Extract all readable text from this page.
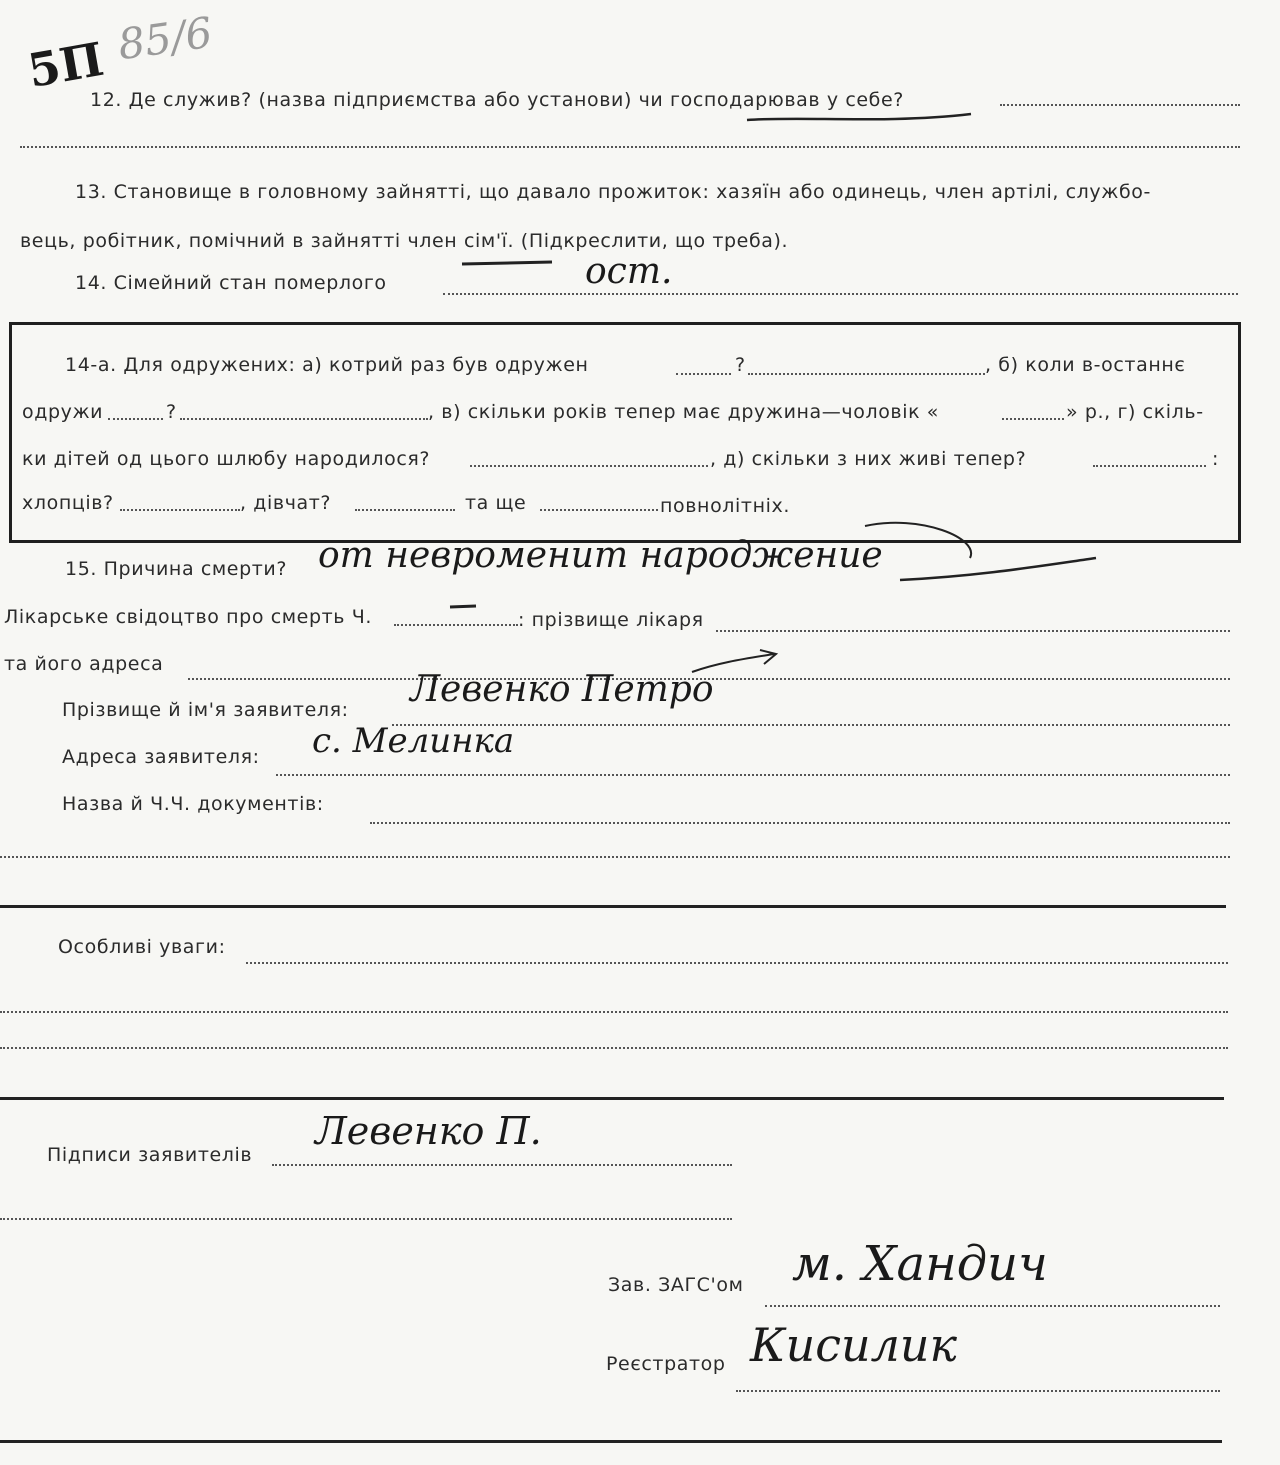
5П 85/6
12. Де служив? (назва підприємства або установи) чи господарював у себе?
13. Становище в головному зайнятті, що давало прожиток: хазяїн або одинець, член артілі, службо-
вець, робітник, помічний в зайнятті член сім'ї. (Підкреслити, що треба).
14. Сімейний стан померлого	ост.
14-а. Для одружених: а) котрий раз був одружен	?	, б) коли в-останнє
одружи	?	, в) скільки років тепер має дружина—чоловік «	» р., г) скіль-
ки дітей од цього шлюбу народилося?	, д) скільки з них живі тепер?	:
хлопців?	, дівчат?	та ще	повнолітніх.
15. Причина смерти? от невроменит народжение
Лікарське свідоцтво про смерть Ч.	: прізвище лікаря
та його адреса
Прізвище й ім'я заявителя: Левенко Петро
Адреса заявителя: с. Мелинка
Назва й Ч.Ч. документів:
Особливі уваги:
Підписи заявителів
Левенко П.
Зав. ЗАГС'ом м. Хандич
Реєстратор Кисилик
